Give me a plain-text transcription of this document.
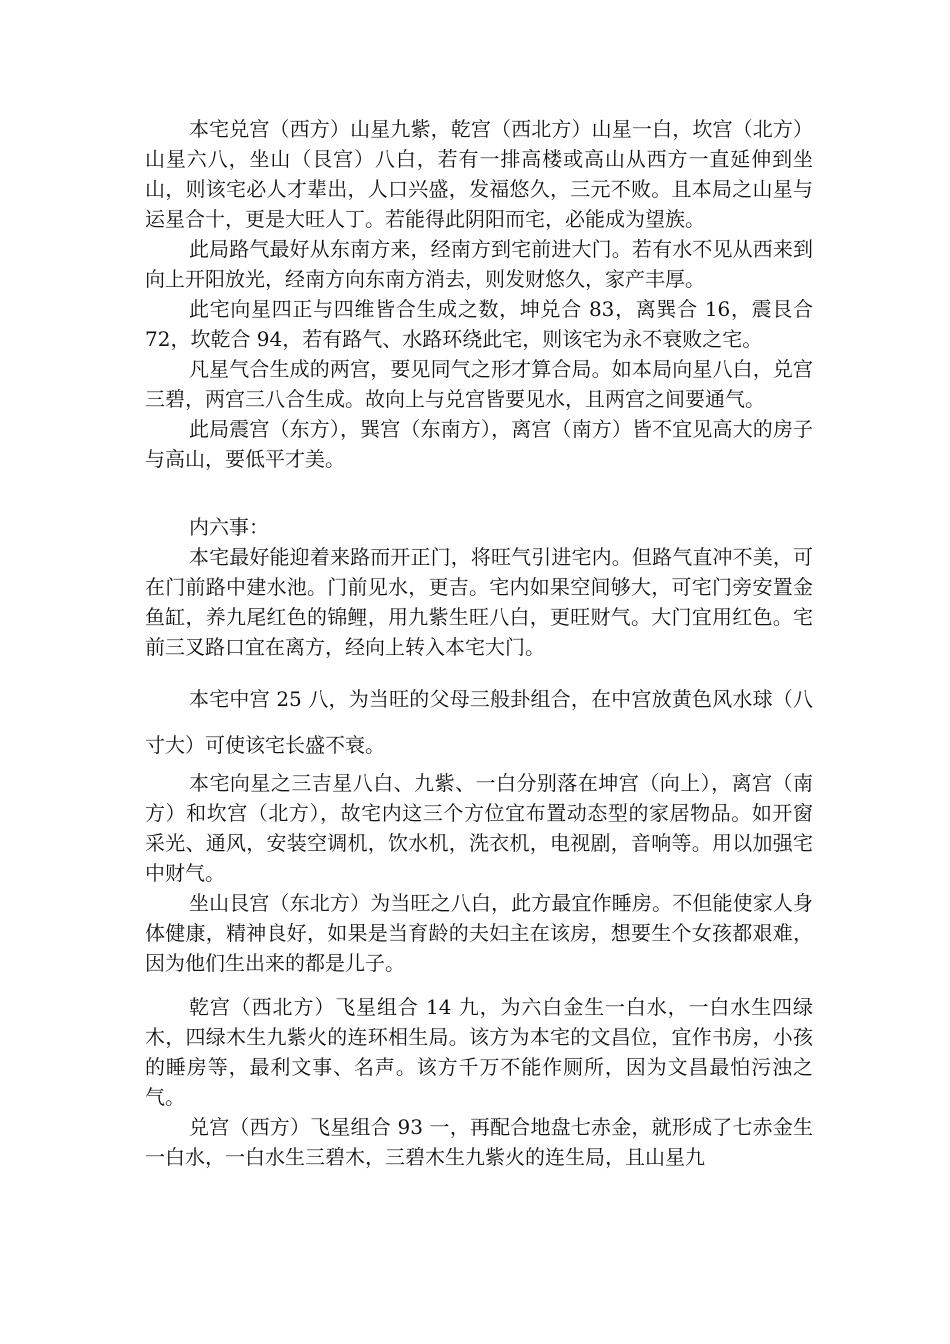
本宅兑宫（西方）山星九紫，乾宫（西北方）山星一白，坎宫（北方）山星六八，坐山（艮宫）八白，若有一排高楼或高山从西方一直延伸到坐山，则该宅必人才辈出，人口兴盛，发福悠久，三元不败。且本局之山星与运星合十，更是大旺人丁。若能得此阴阳而宅，必能成为望族。

此局路气最好从东南方来，经南方到宅前进大门。若有水不见从西来到向上开阳放光，经南方向东南方消去，则发财悠久，家产丰厚。

此宅向星四正与四维皆合生成之数，坤兑合 83，离巽合 16，震艮合 72，坎乾合 94，若有路气、水路环绕此宅，则该宅为永不衰败之宅。

凡星气合生成的两宫，要见同气之形才算合局。如本局向星八白，兑宫三碧，两宫三八合生成。故向上与兑宫皆要见水，且两宫之间要通气。

此局震宫（东方），巽宫（东南方），离宫（南方）皆不宜见高大的房子与高山，要低平才美。

内六事：

本宅最好能迎着来路而开正门，将旺气引进宅内。但路气直冲不美，可在门前路中建水池。门前见水，更吉。宅内如果空间够大，可宅门旁安置金鱼缸，养九尾红色的锦鲤，用九紫生旺八白，更旺财气。大门宜用红色。宅前三叉路口宜在离方，经向上转入本宅大门。

本宅中宫 25 八，为当旺的父母三般卦组合，在中宫放黄色风水球（八寸大）可使该宅长盛不衰。

本宅向星之三吉星八白、九紫、一白分别落在坤宫（向上），离宫（南方）和坎宫（北方），故宅内这三个方位宜布置动态型的家居物品。如开窗采光、通风，安装空调机，饮水机，洗衣机，电视剧，音响等。用以加强宅中财气。

坐山艮宫（东北方）为当旺之八白，此方最宜作睡房。不但能使家人身体健康，精神良好，如果是当育龄的夫妇主在该房，想要生个女孩都艰难，因为他们生出来的都是儿子。

乾宫（西北方）飞星组合 14 九，为六白金生一白水，一白水生四绿木，四绿木生九紫火的连环相生局。该方为本宅的文昌位，宜作书房，小孩的睡房等，最利文事、名声。该方千万不能作厕所，因为文昌最怕污浊之气。

兑宫（西方）飞星组合 93 一，再配合地盘七赤金，就形成了七赤金生一白水，一白水生三碧木，三碧木生九紫火的连生局，且山星九
